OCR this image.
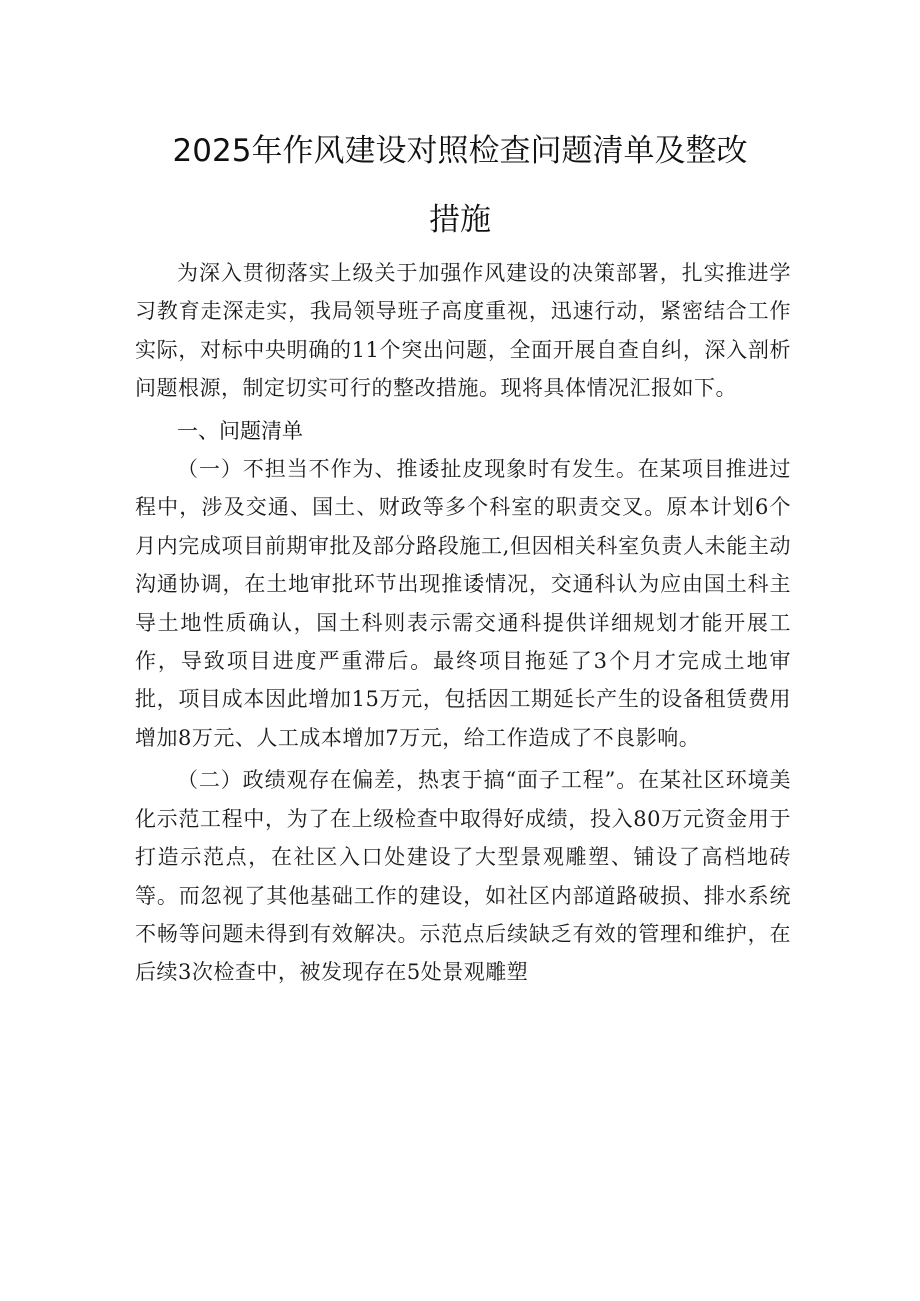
2025年作风建设对照检查问题清单及整改
措施

为深入贯彻落实上级关于加强作风建设的决策部署，扎实推进学习教育走深走实，我局领导班子高度重视，迅速行动，紧密结合工作实际，对标中央明确的11个突出问题，全面开展自查自纠，深入剖析问题根源，制定切实可行的整改措施。现将具体情况汇报如下。

一、问题清单

（一）不担当不作为、推诿扯皮现象时有发生。在某项目推进过程中，涉及交通、国土、财政等多个科室的职责交叉。原本计划6个月内完成项目前期审批及部分路段施工,但因相关科室负责人未能主动沟通协调，在土地审批环节出现推诿情况，交通科认为应由国土科主导土地性质确认，国土科则表示需交通科提供详细规划才能开展工作，导致项目进度严重滞后。最终项目拖延了3个月才完成土地审批，项目成本因此增加15万元，包括因工期延长产生的设备租赁费用增加8万元、人工成本增加7万元，给工作造成了不良影响。

（二）政绩观存在偏差，热衷于搞“面子工程”。在某社区环境美化示范工程中，为了在上级检查中取得好成绩，投入80万元资金用于打造示范点，在社区入口处建设了大型景观雕塑、铺设了高档地砖等。而忽视了其他基础工作的建设，如社区内部道路破损、排水系统不畅等问题未得到有效解决。示范点后续缺乏有效的管理和维护，在后续3次检查中，被发现存在5处景观雕塑
